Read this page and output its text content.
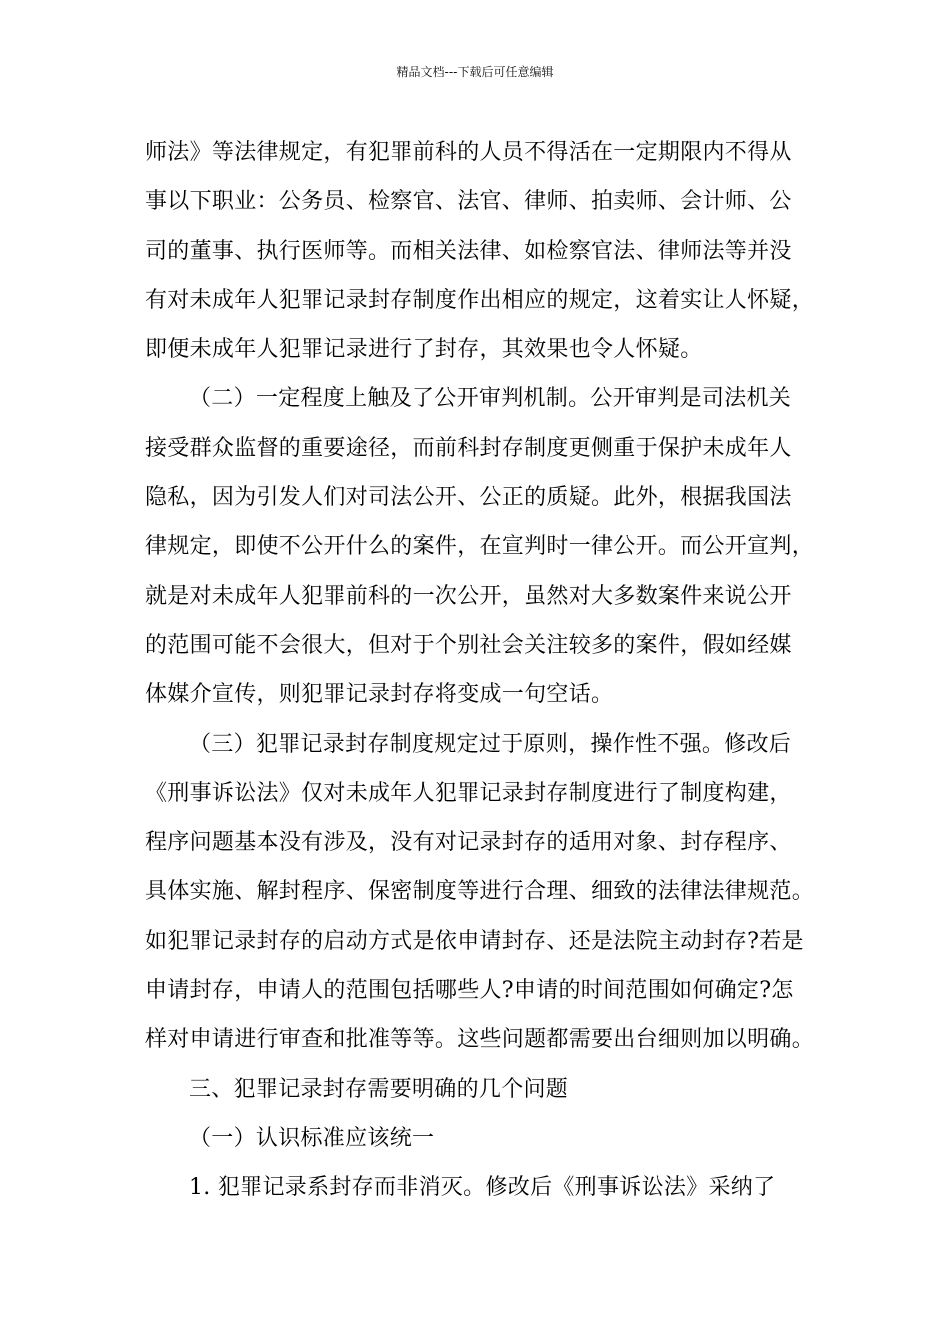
精品文档---下载后可任意编辑
师法》等法律规定，有犯罪前科的人员不得活在一定期限内不得从
事以下职业：公务员、检察官、法官、律师、拍卖师、会计师、公
司的董事、执行医师等。而相关法律、如检察官法、律师法等并没
有对未成年人犯罪记录封存制度作出相应的规定，这着实让人怀疑，
即便未成年人犯罪记录进行了封存，其效果也令人怀疑。
（二）一定程度上触及了公开审判机制。公开审判是司法机关
接受群众监督的重要途径，而前科封存制度更侧重于保护未成年人
隐私，因为引发人们对司法公开、公正的质疑。此外，根据我国法
律规定，即使不公开什么的案件，在宣判时一律公开。而公开宣判，
就是对未成年人犯罪前科的一次公开，虽然对大多数案件来说公开
的范围可能不会很大，但对于个别社会关注较多的案件，假如经媒
体媒介宣传，则犯罪记录封存将变成一句空话。
（三）犯罪记录封存制度规定过于原则，操作性不强。修改后
《刑事诉讼法》仅对未成年人犯罪记录封存制度进行了制度构建，
程序问题基本没有涉及，没有对记录封存的适用对象、封存程序、
具体实施、解封程序、保密制度等进行合理、细致的法律法律规范。
如犯罪记录封存的启动方式是依申请封存、还是法院主动封存?若是
申请封存，申请人的范围包括哪些人?申请的时间范围如何确定?怎
样对申请进行审查和批准等等。这些问题都需要出台细则加以明确。
三、犯罪记录封存需要明确的几个问题
（一）认识标准应该统一
1. 犯罪记录系封存而非消灭。修改后《刑事诉讼法》采纳了
